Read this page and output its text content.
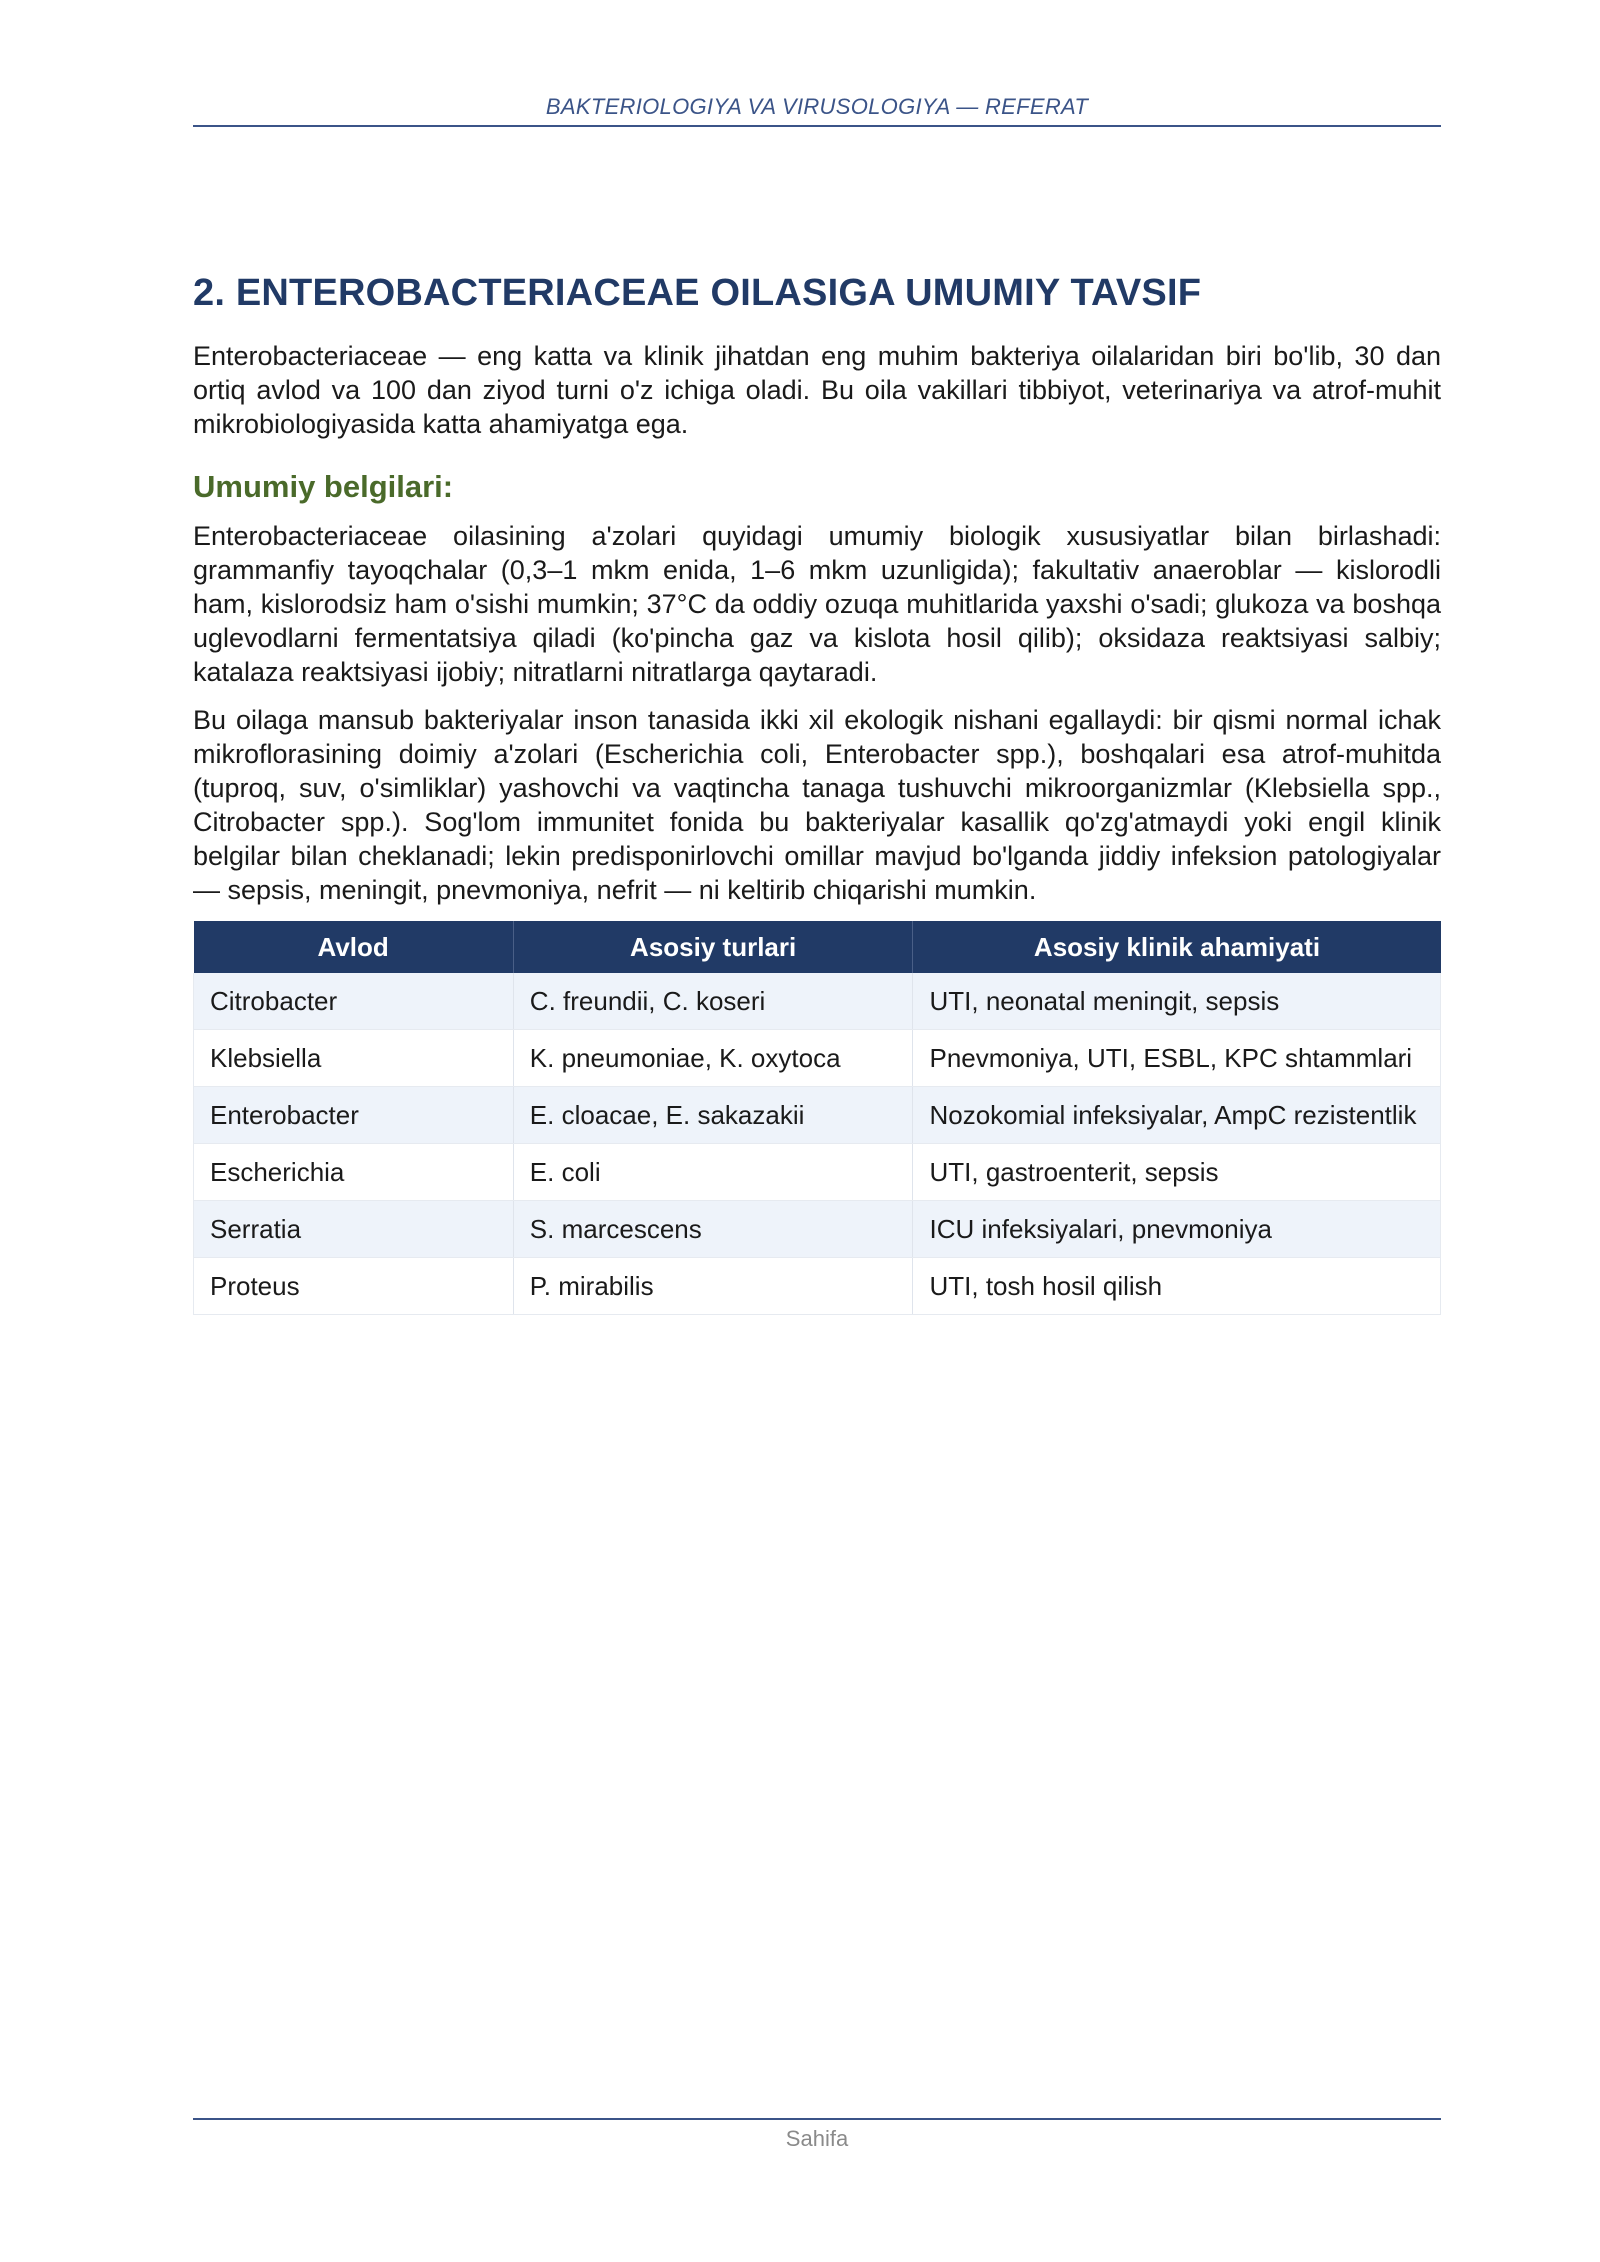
BAKTERIOLOGIYA VA VIRUSOLOGIYA — REFERAT
2. ENTEROBACTERIACEAE OILASIGA UMUMIY TAVSIF

Enterobacteriaceae — eng katta va klinik jihatdan eng muhim bakteriya oilalaridan biri bo'lib, 30 dan ortiq avlod va 100 dan ziyod turni o'z ichiga oladi. Bu oila vakillari tibbiyot, veterinariya va atrof-muhit mikrobiologiyasida katta ahamiyatga ega.

Umumiy belgilari:

Enterobacteriaceae oilasining a'zolari quyidagi umumiy biologik xususiyatlar bilan birlashadi: grammanfiy tayoqchalar (0,3–1 mkm enida, 1–6 mkm uzunligida); fakultativ anaeroblar — kislorodli ham, kislorodsiz ham o'sishi mumkin; 37°C da oddiy ozuqa muhitlarida yaxshi o'sadi; glukoza va boshqa uglevodlarni fermentatsiya qiladi (ko'pincha gaz va kislota hosil qilib); oksidaza reaktsiyasi salbiy; katalaza reaktsiyasi ijobiy; nitratlarni nitratlarga qaytaradi.

Bu oilaga mansub bakteriyalar inson tanasida ikki xil ekologik nishani egallaydi: bir qismi normal ichak mikroflorasining doimiy a'zolari (Escherichia coli, Enterobacter spp.), boshqalari esa atrof-muhitda (tuproq, suv, o'simliklar) yashovchi va vaqtincha tanaga tushuvchi mikroorganizmlar (Klebsiella spp., Citrobacter spp.). Sog'lom immunitet fonida bu bakteriyalar kasallik qo'zg'atmaydi yoki engil klinik belgilar bilan cheklanadi; lekin predisponirlovchi omillar mavjud bo'lganda jiddiy infeksion patologiyalar — sepsis, meningit, pnevmoniya, nefrit — ni keltirib chiqarishi mumkin.

Avlod	Asosiy turlari	Asosiy klinik ahamiyati
Citrobacter	C. freundii, C. koseri	UTI, neonatal meningit, sepsis
Klebsiella	K. pneumoniae, K. oxytoca	Pnevmoniya, UTI, ESBL, KPC shtammlari
Enterobacter	E. cloacae, E. sakazakii	Nozokomial infeksiyalar, AmpC rezistentlik
Escherichia	E. coli	UTI, gastroenterit, sepsis
Serratia	S. marcescens	ICU infeksiyalari, pnevmoniya
Proteus	P. mirabilis	UTI, tosh hosil qilish
Sahifa
